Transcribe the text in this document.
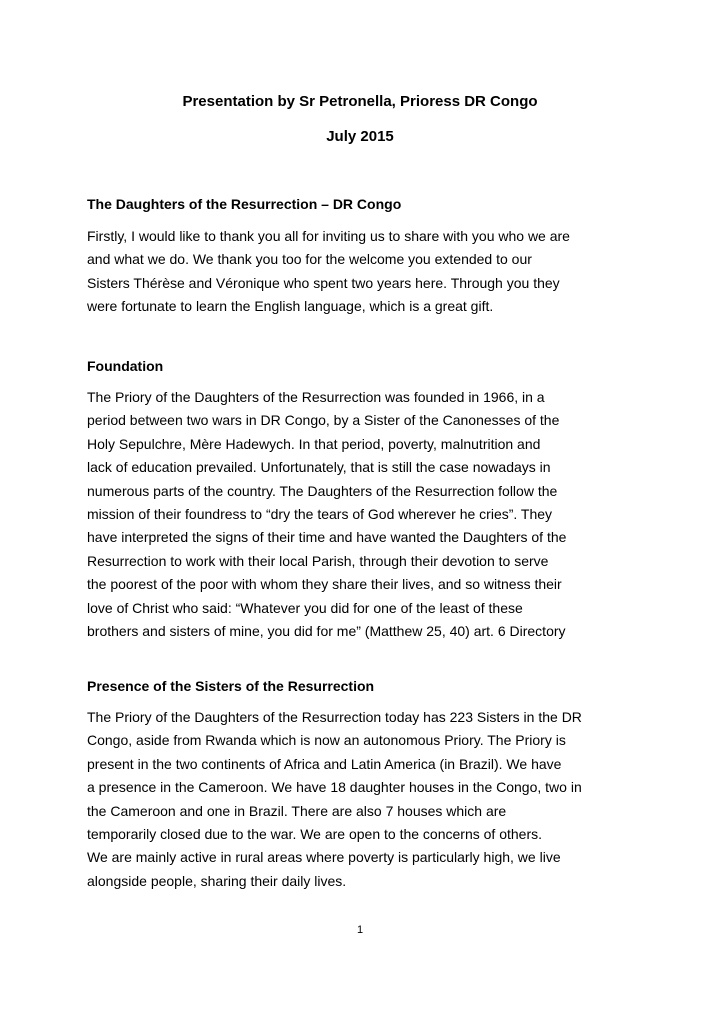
Presentation by Sr Petronella, Prioress DR Congo
July 2015
The Daughters of the Resurrection – DR Congo
Firstly, I would like to thank you all for inviting us to share with you who we are
and what we do. We thank you too for the welcome you extended to our
Sisters Thérèse and Véronique who spent two years here. Through you they
were fortunate to learn the English language, which is a great gift.
Foundation
The Priory of the Daughters of the Resurrection was founded in 1966, in a
period between two wars in DR Congo, by a Sister of the Canonesses of the
Holy Sepulchre, Mère Hadewych. In that period, poverty, malnutrition and
lack of education prevailed. Unfortunately, that is still the case nowadays in
numerous parts of the country. The Daughters of the Resurrection follow the
mission of their foundress to “dry the tears of God wherever he cries”. They
have interpreted the signs of their time and have wanted the Daughters of the
Resurrection to work with their local Parish, through their devotion to serve
the poorest of the poor with whom they share their lives, and so witness their
love of Christ who said: “Whatever you did for one of the least of these
brothers and sisters of mine, you did for me” (Matthew 25, 40) art. 6 Directory
Presence of the Sisters of the Resurrection
The Priory of the Daughters of the Resurrection today has 223 Sisters in the DR
Congo, aside from Rwanda which is now an autonomous Priory. The Priory is
present in the two continents of Africa and Latin America (in Brazil). We have
a presence in the Cameroon. We have 18 daughter houses in the Congo, two in
the Cameroon and one in Brazil. There are also 7 houses which are
temporarily closed due to the war. We are open to the concerns of others.
We are mainly active in rural areas where poverty is particularly high, we live
alongside people, sharing their daily lives.
1
